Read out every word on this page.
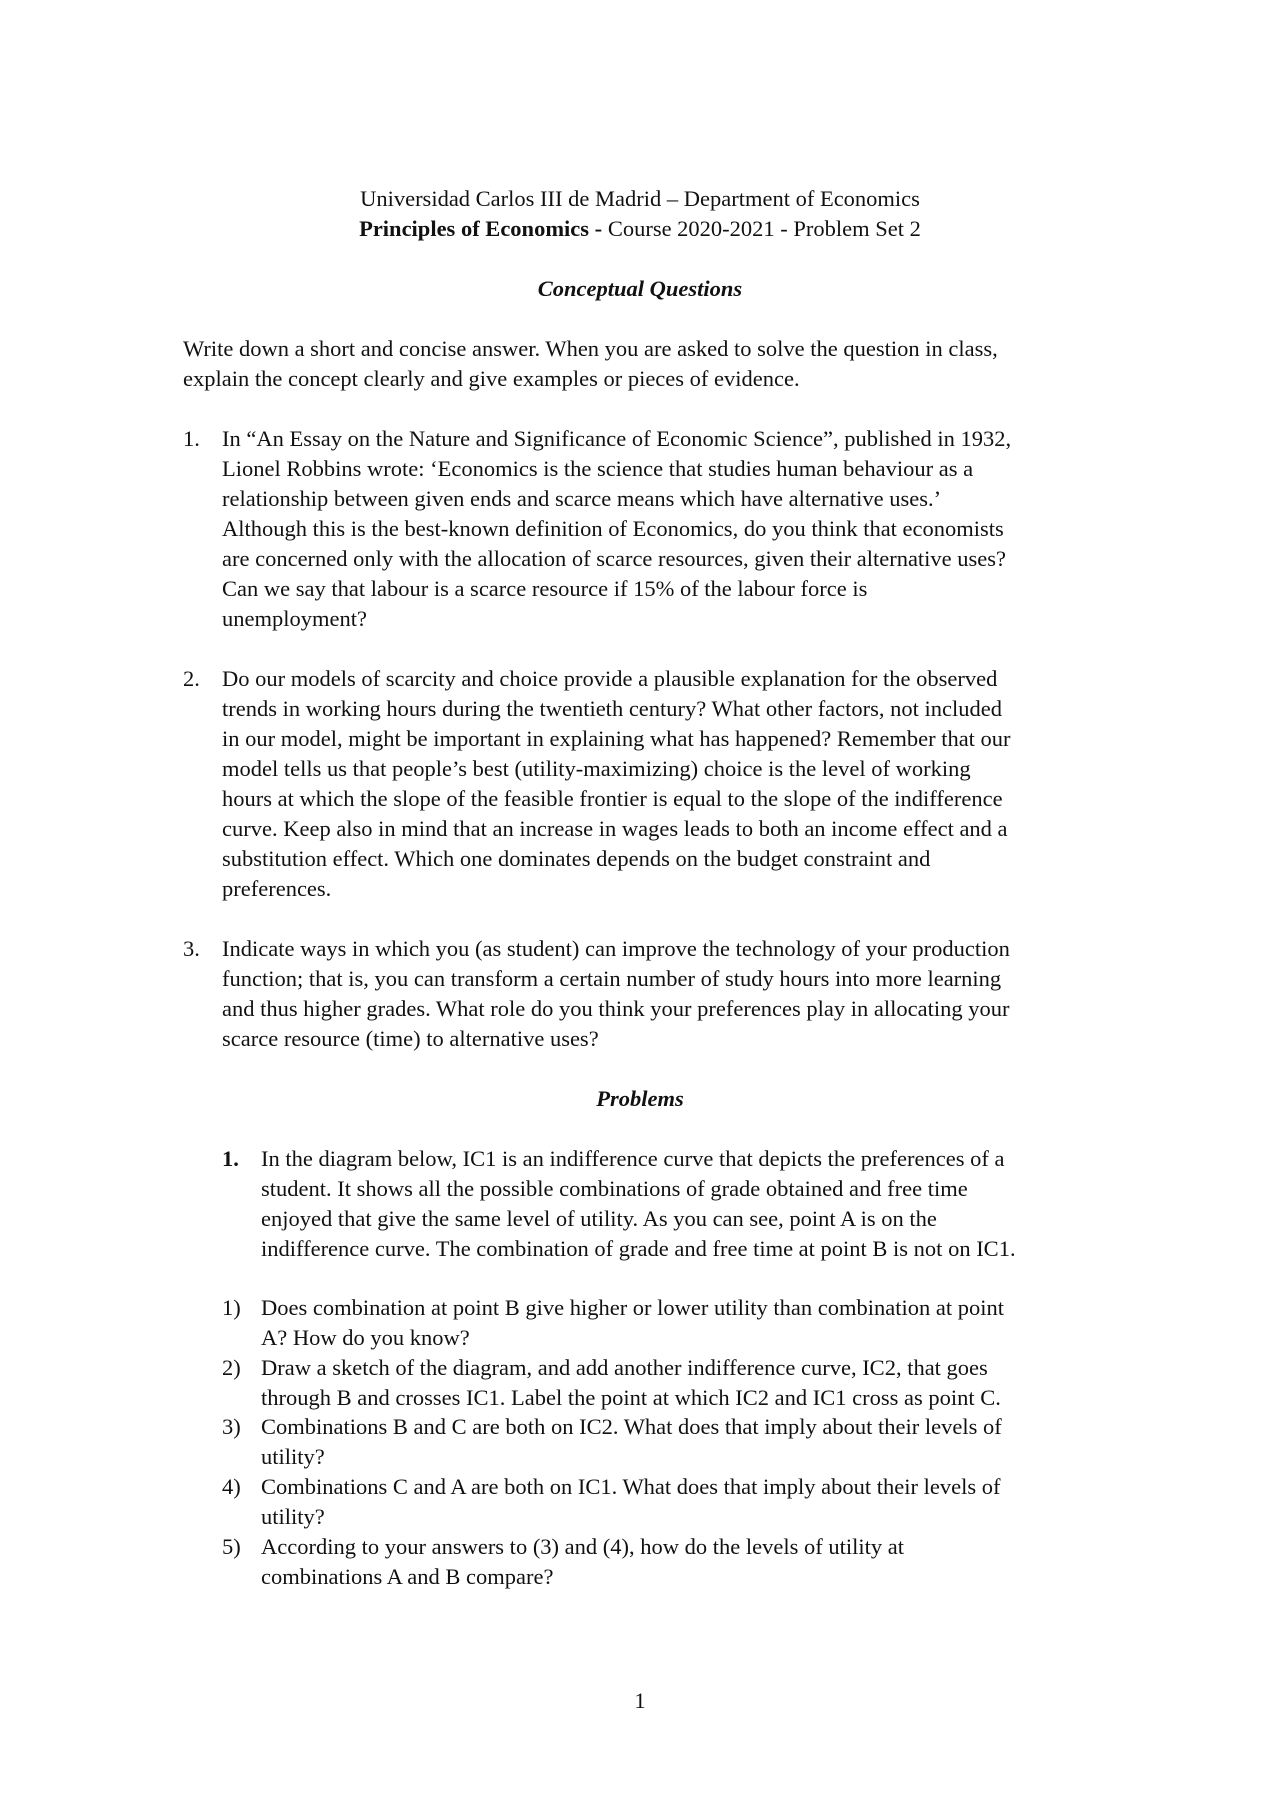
Universidad Carlos III de Madrid – Department of Economics
Principles of Economics - Course 2020-2021 - Problem Set 2
Conceptual Questions
Write down a short and concise answer. When you are asked to solve the question in class,
explain the concept clearly and give examples or pieces of evidence.
1. In “An Essay on the Nature and Significance of Economic Science”, published in 1932,
Lionel Robbins wrote: ‘Economics is the science that studies human behaviour as a
relationship between given ends and scarce means which have alternative uses.’
Although this is the best-known definition of Economics, do you think that economists
are concerned only with the allocation of scarce resources, given their alternative uses?
Can we say that labour is a scarce resource if 15% of the labour force is
unemployment?
2. Do our models of scarcity and choice provide a plausible explanation for the observed
trends in working hours during the twentieth century? What other factors, not included
in our model, might be important in explaining what has happened? Remember that our
model tells us that people’s best (utility-maximizing) choice is the level of working
hours at which the slope of the feasible frontier is equal to the slope of the indifference
curve. Keep also in mind that an increase in wages leads to both an income effect and a
substitution effect. Which one dominates depends on the budget constraint and
preferences.
3. Indicate ways in which you (as student) can improve the technology of your production
function; that is, you can transform a certain number of study hours into more learning
and thus higher grades. What role do you think your preferences play in allocating your
scarce resource (time) to alternative uses?
Problems
1. In the diagram below, IC1 is an indifference curve that depicts the preferences of a
student. It shows all the possible combinations of grade obtained and free time
enjoyed that give the same level of utility. As you can see, point A is on the
indifference curve. The combination of grade and free time at point B is not on IC1.
1) Does combination at point B give higher or lower utility than combination at point
A? How do you know?
2) Draw a sketch of the diagram, and add another indifference curve, IC2, that goes
through B and crosses IC1. Label the point at which IC2 and IC1 cross as point C.
3) Combinations B and C are both on IC2. What does that imply about their levels of
utility?
4) Combinations C and A are both on IC1. What does that imply about their levels of
utility?
5) According to your answers to (3) and (4), how do the levels of utility at
combinations A and B compare?
1
